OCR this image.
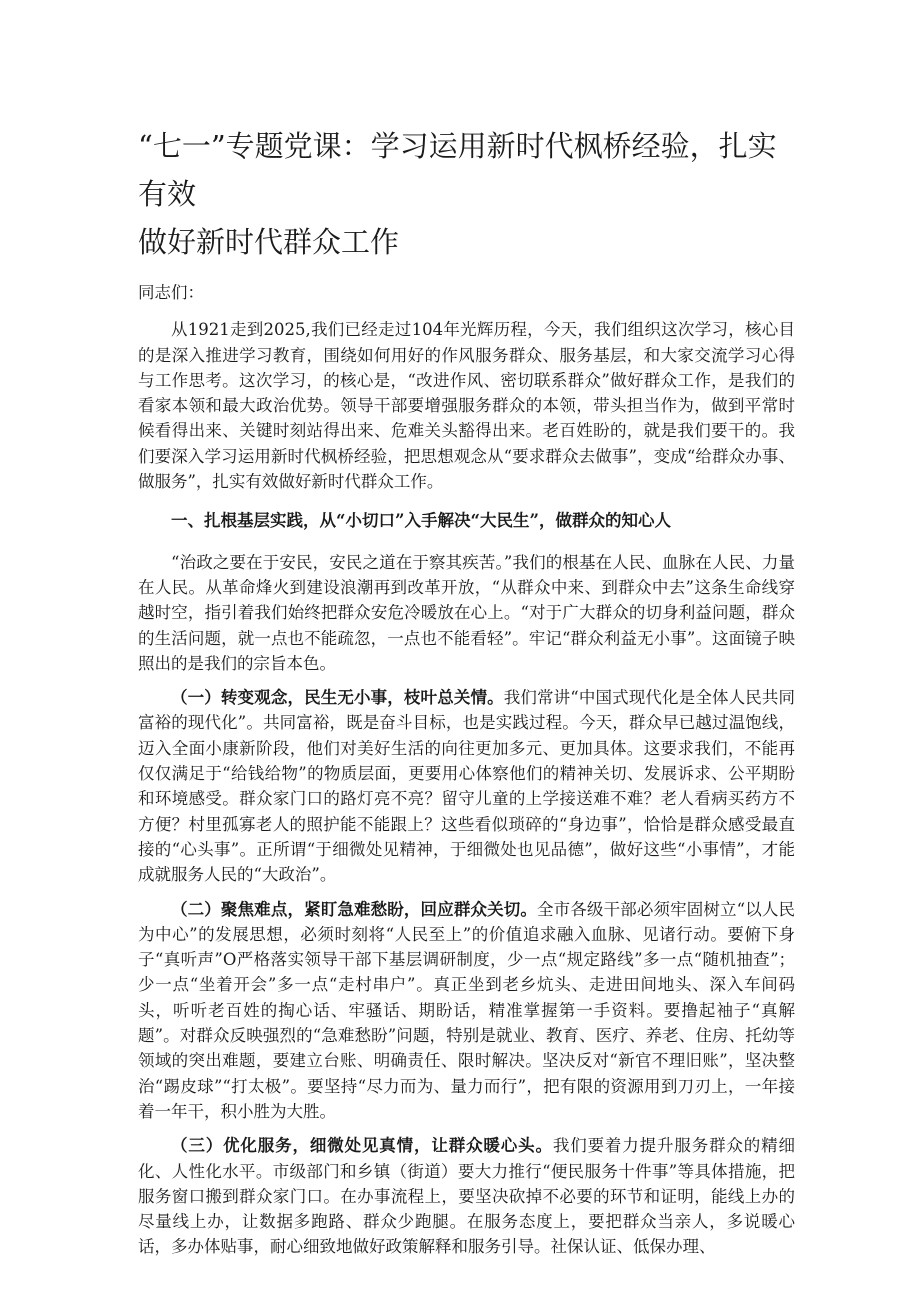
“七一”专题党课：学习运用新时代枫桥经验，扎实有效
做好新时代群众工作

同志们：

从1921走到2025,我们已经走过104年光辉历程，今天，我们组织这次学习，核心目的是深入推进学习教育，围绕如何用好的作风服务群众、服务基层，和大家交流学习心得与工作思考。这次学习，的核心是，“改进作风、密切联系群众”做好群众工作，是我们的看家本领和最大政治优势。领导干部要增强服务群众的本领，带头担当作为，做到平常时候看得出来、关键时刻站得出来、危难关头豁得出来。老百姓盼的，就是我们要干的。我们要深入学习运用新时代枫桥经验，把思想观念从“要求群众去做事”，变成“给群众办事、做服务”，扎实有效做好新时代群众工作。

一、扎根基层实践，从“小切口”入手解决“大民生”，做群众的知心人

“治政之要在于安民，安民之道在于察其疾苦。”我们的根基在人民、血脉在人民、力量在人民。从革命烽火到建设浪潮再到改革开放，“从群众中来、到群众中去”这条生命线穿越时空，指引着我们始终把群众安危冷暖放在心上。“对于广大群众的切身利益问题，群众的生活问题，就一点也不能疏忽，一点也不能看轻”。牢记“群众利益无小事”。这面镜子映照出的是我们的宗旨本色。

（一）转变观念，民生无小事，枝叶总关情。我们常讲“中国式现代化是全体人民共同富裕的现代化”。共同富裕，既是奋斗目标，也是实践过程。今天，群众早已越过温饱线，迈入全面小康新阶段，他们对美好生活的向往更加多元、更加具体。这要求我们，不能再仅仅满足于“给钱给物”的物质层面，更要用心体察他们的精神关切、发展诉求、公平期盼和环境感受。群众家门口的路灯亮不亮？留守儿童的上学接送难不难？老人看病买药方不方便？村里孤寡老人的照护能不能跟上？这些看似琐碎的“身边事”，恰恰是群众感受最直接的“心头事”。正所谓“于细微处见精神，于细微处也见品德”，做好这些“小事情”，才能成就服务人民的“大政治”。

（二）聚焦难点，紧盯急难愁盼，回应群众关切。全市各级干部必须牢固树立“以人民为中心”的发展思想，必须时刻将“人民至上”的价值追求融入血脉、见诸行动。要俯下身子“真听声”O严格落实领导干部下基层调研制度，少一点“规定路线”多一点“随机抽查”；少一点“坐着开会”多一点“走村串户”。真正坐到老乡炕头、走进田间地头、深入车间码头，听听老百姓的掏心话、牢骚话、期盼话，精准掌握第一手资料。要撸起袖子“真解题”。对群众反映强烈的“急难愁盼”问题，特别是就业、教育、医疗、养老、住房、托幼等领域的突出难题，要建立台账、明确责任、限时解决。坚决反对“新官不理旧账”，坚决整治“踢皮球”“打太极”。要坚持“尽力而为、量力而行”，把有限的资源用到刀刃上，一年接着一年干，积小胜为大胜。

（三）优化服务，细微处见真情，让群众暖心头。我们要着力提升服务群众的精细化、人性化水平。市级部门和乡镇（街道）要大力推行“便民服务十件事”等具体措施，把服务窗口搬到群众家门口。在办事流程上，要坚决砍掉不必要的环节和证明，能线上办的尽量线上办，让数据多跑路、群众少跑腿。在服务态度上，要把群众当亲人，多说暖心话，多办体贴事，耐心细致地做好政策解释和服务引导。社保认证、低保办理、
